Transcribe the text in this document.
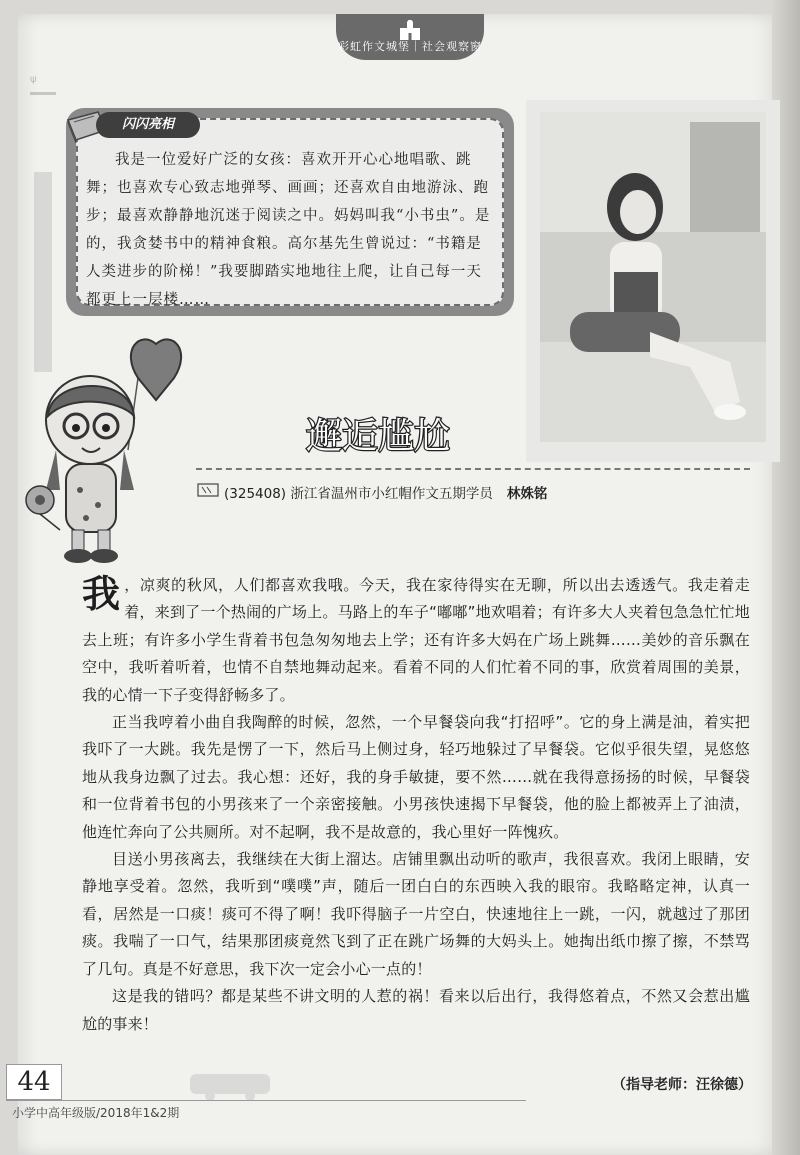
彩虹作文城堡｜社会观察窗
ψ
闪闪亮相
我是一位爱好广泛的女孩：喜欢开开心心地唱歌、跳舞；也喜欢专心致志地弹琴、画画；还喜欢自由地游泳、跑步；最喜欢静静地沉迷于阅读之中。妈妈叫我“小书虫”。是的，我贪婪书中的精神食粮。高尔基先生曾说过：“书籍是人类进步的阶梯！”我要脚踏实地地往上爬，让自己每一天都更上一层楼……
邂逅尴尬
(325408) 浙江省温州市小红帽作文五期学员 林姝铭

我 ，凉爽的秋风，人们都喜欢我哦。今天，我在家待得实在无聊，所以出去透透气。我走着走着，来到了一个热闹的广场上。马路上的车子“嘟嘟”地欢唱着；有许多大人夹着包急急忙忙地去上班；有许多小学生背着书包急匆匆地去上学；还有许多大妈在广场上跳舞……美妙的音乐飘在空中，我听着听着，也情不自禁地舞动起来。看着不同的人们忙着不同的事，欣赏着周围的美景，我的心情一下子变得舒畅多了。

正当我哼着小曲自我陶醉的时候，忽然，一个早餐袋向我“打招呼”。它的身上满是油，着实把我吓了一大跳。我先是愣了一下，然后马上侧过身，轻巧地躲过了早餐袋。它似乎很失望，晃悠悠地从我身边飘了过去。我心想：还好，我的身手敏捷，要不然……就在我得意扬扬的时候，早餐袋和一位背着书包的小男孩来了一个亲密接触。小男孩快速揭下早餐袋，他的脸上都被弄上了油渍，他连忙奔向了公共厕所。对不起啊，我不是故意的，我心里好一阵愧疚。

目送小男孩离去，我继续在大街上溜达。店铺里飘出动听的歌声，我很喜欢。我闭上眼睛，安静地享受着。忽然，我听到“噗噗”声，随后一团白白的东西映入我的眼帘。我略略定神，认真一看，居然是一口痰！痰可不得了啊！我吓得脑子一片空白，快速地往上一跳，一闪，就越过了那团痰。我喘了一口气，结果那团痰竟然飞到了正在跳广场舞的大妈头上。她掏出纸巾擦了擦，不禁骂了几句。真是不好意思，我下次一定会小心一点的！

这是我的错吗？都是某些不讲文明的人惹的祸！看来以后出行，我得悠着点，不然又会惹出尴尬的事来！

（指导老师：汪徐德）
44
小学中高年级版/2018年1&2期
